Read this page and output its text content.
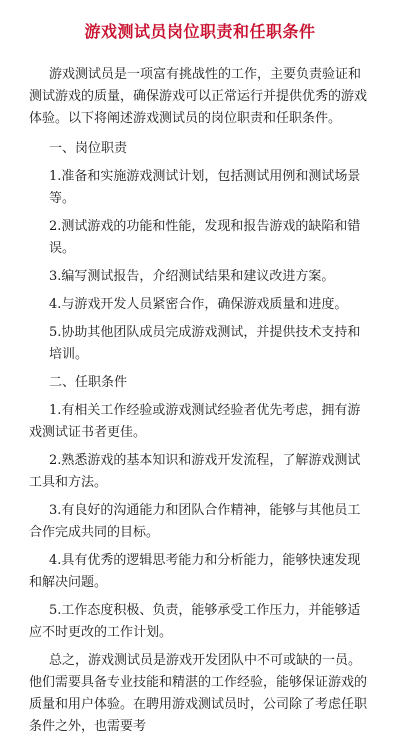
游戏测试员岗位职责和任职条件

游戏测试员是一项富有挑战性的工作，主要负责验证和测试游戏的质量，确保游戏可以正常运行并提供优秀的游戏体验。以下将阐述游戏测试员的岗位职责和任职条件。

一、岗位职责

1.准备和实施游戏测试计划，包括测试用例和测试场景等。

2.测试游戏的功能和性能，发现和报告游戏的缺陷和错误。

3.编写测试报告，介绍测试结果和建议改进方案。

4.与游戏开发人员紧密合作，确保游戏质量和进度。

5.协助其他团队成员完成游戏测试，并提供技术支持和培训。

二、任职条件

1.有相关工作经验或游戏测试经验者优先考虑，拥有游戏测试证书者更佳。

2.熟悉游戏的基本知识和游戏开发流程，了解游戏测试工具和方法。

3.有良好的沟通能力和团队合作精神，能够与其他员工合作完成共同的目标。

4.具有优秀的逻辑思考能力和分析能力，能够快速发现和解决问题。

5.工作态度积极、负责，能够承受工作压力，并能够适应不时更改的工作计划。

总之，游戏测试员是游戏开发团队中不可或缺的一员。他们需要具备专业技能和精湛的工作经验，能够保证游戏的质量和用户体验。在聘用游戏测试员时，公司除了考虑任职条件之外，也需要考
